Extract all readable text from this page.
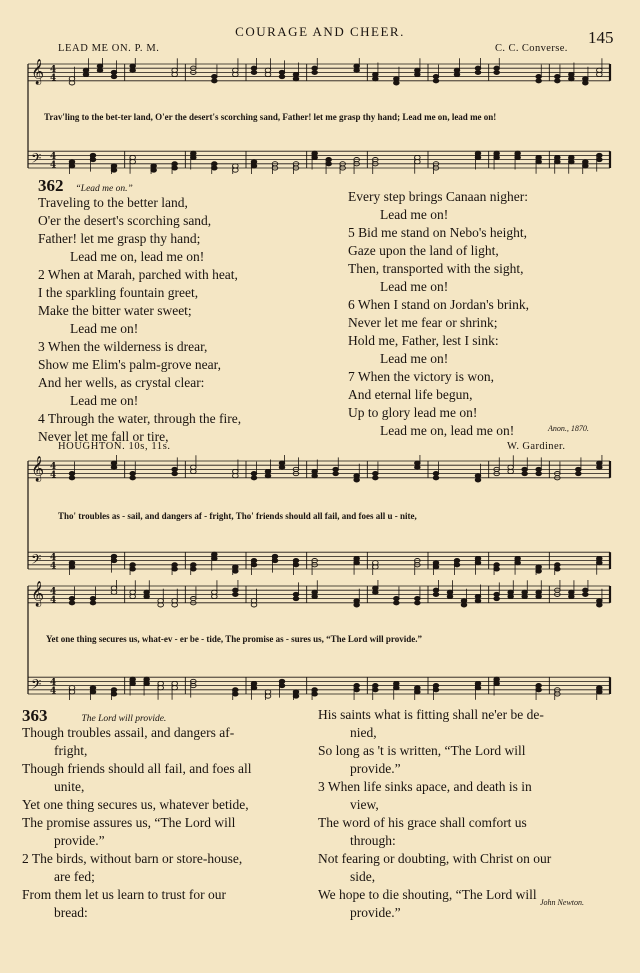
COURAGE AND CHEER.	145
LEAD ME ON. P. M.	C. C. Converse.
𝄞 4
4
𝄢 4
4
Trav'ling to the bet-ter land, O'er the desert's scorching sand, Father! let me grasp thy hand; Lead me on, lead me on!
362 “Lead me on.”
Traveling to the better land,
O'er the desert's scorching sand,
Father! let me grasp thy hand;
Lead me on, lead me on!
2 When at Marah, parched with heat,
I the sparkling fountain greet,
Make the bitter water sweet;
Lead me on!
3 When the wilderness is drear,
Show me Elim's palm-grove near,
And her wells, as crystal clear:
Lead me on!
4 Through the water, through the fire,
Never let me fall or tire,
Every step brings Canaan nigher:
Lead me on!
5 Bid me stand on Nebo's height,
Gaze upon the land of light,
Then, transported with the sight,
Lead me on!
6 When I stand on Jordan's brink,
Never let me fear or shrink;
Hold me, Father, lest I sink:
Lead me on!
7 When the victory is won,
And eternal life begun,
Up to glory lead me on!
Lead me on, lead me on!	Anon., 1870.
HOUGHTON. 10s, 11s.	W. Gardiner.
𝄞 4
4
𝄢 4
4
Tho' troubles as - sail, and dangers af - fright, Tho' friends should all fail, and foes all u - nite,
𝄞 4
4
𝄢 4
4
Yet one thing secures us, what-ev - er be - tide, The promise as - sures us, “The Lord will provide.”
363	The Lord will provide.
Though troubles assail, and dangers af-
fright,
Though friends should all fail, and foes all
unite,
Yet one thing secures us, whatever betide,
The promise assures us, “The Lord will
provide.”
2 The birds, without barn or store-house,
are fed;
From them let us learn to trust for our
bread:
His saints what is fitting shall ne'er be de-
nied,
So long as 't is written, “The Lord will
provide.”
3 When life sinks apace, and death is in
view,
The word of his grace shall comfort us
through:
Not fearing or doubting, with Christ on our
side,
We hope to die shouting, “The Lord will
provide.”
John Newton.
